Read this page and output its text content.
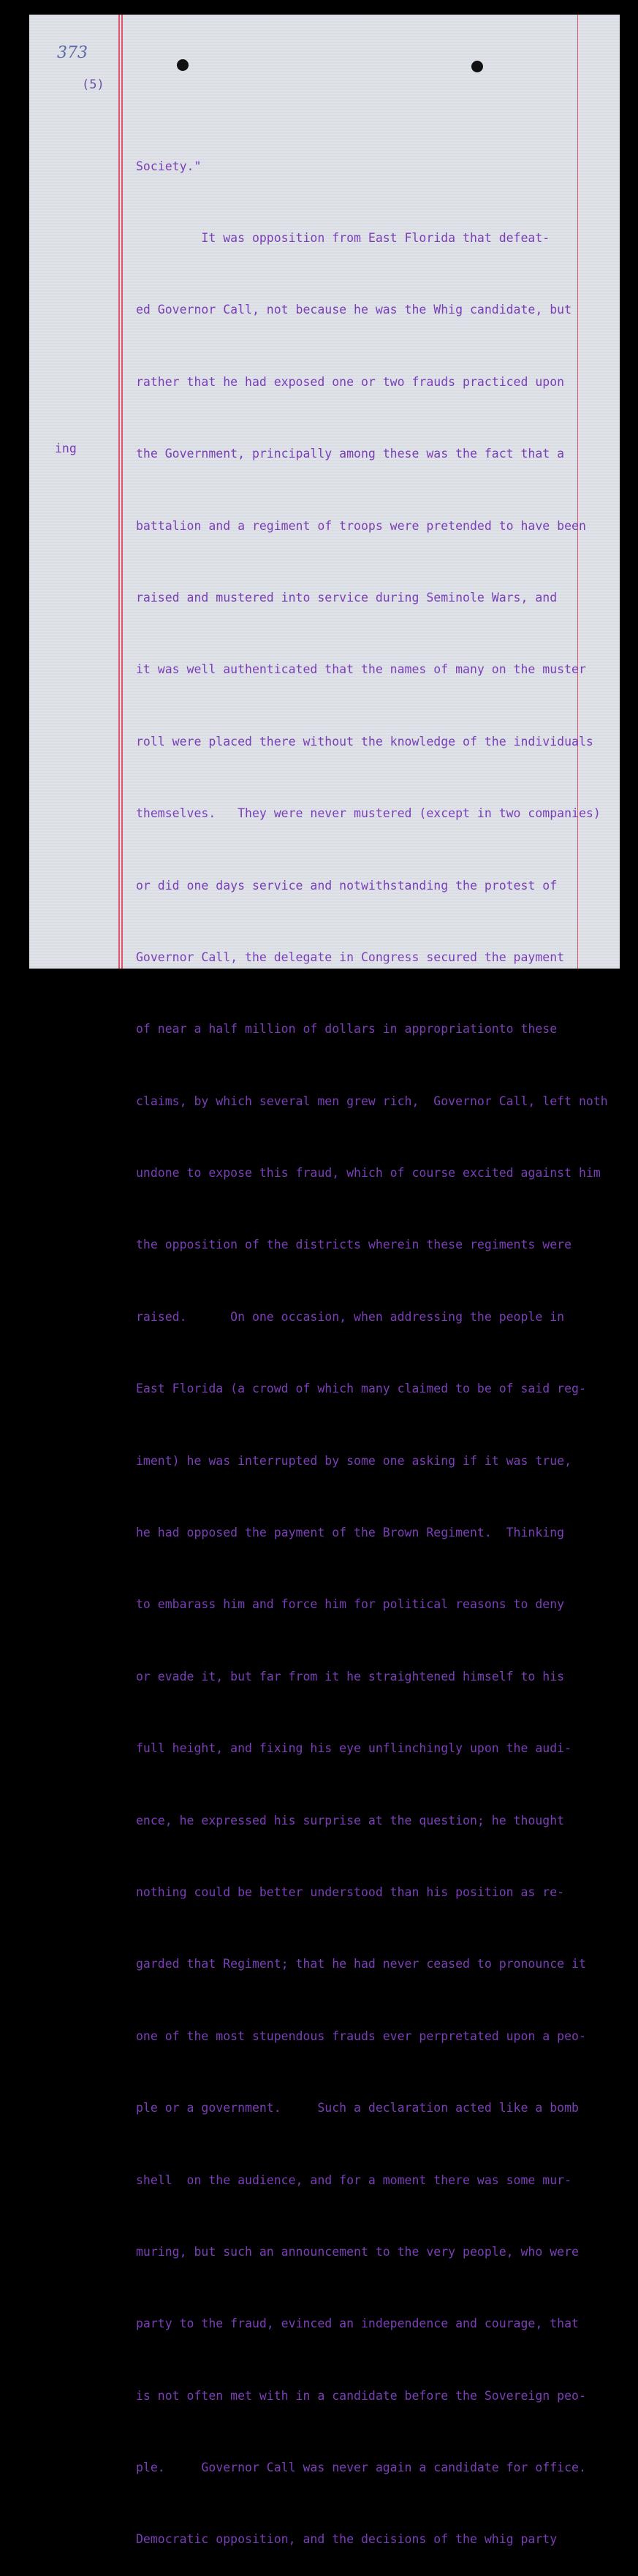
373
(5)
ing

Society."

It was opposition from East Florida that defeat-

ed Governor Call, not because he was the Whig candidate, but

rather that he had exposed one or two frauds practiced upon

the Government, principally among these was the fact that a

battalion and a regiment of troops were pretended to have been

raised and mustered into service during Seminole Wars, and

it was well authenticated that the names of many on the muster

roll were placed there without the knowledge of the individuals

themselves.   They were never mustered (except in two companies)

or did one days service and notwithstanding the protest of

Governor Call, the delegate in Congress secured the payment

of near a half million of dollars in appropriationto these

claims, by which several men grew rich,  Governor Call, left noth

undone to expose this fraud, which of course excited against him

the opposition of the districts wherein these regiments were

raised.      On one occasion, when addressing the people in

East Florida (a crowd of which many claimed to be of said reg-

iment) he was interrupted by some one asking if it was true,

he had opposed the payment of the Brown Regiment.  Thinking

to embarass him and force him for political reasons to deny

or evade it, but far from it he straightened himself to his

full height, and fixing his eye unflinchingly upon the audi-

ence, he expressed his surprise at the question; he thought

nothing could be better understood than his position as re-

garded that Regiment; that he had never ceased to pronounce it

one of the most stupendous frauds ever perpretated upon a peo-

ple or a government.     Such a declaration acted like a bomb

shell  on the audience, and for a moment there was some mur-

muring, but such an announcement to the very people, who were

party to the fraud, evinced an independence and courage, that

is not often met with in a candidate before the Sovereign peo-

ple.     Governor Call was never again a candidate for office.

Democratic opposition, and the decisions of the whig party
